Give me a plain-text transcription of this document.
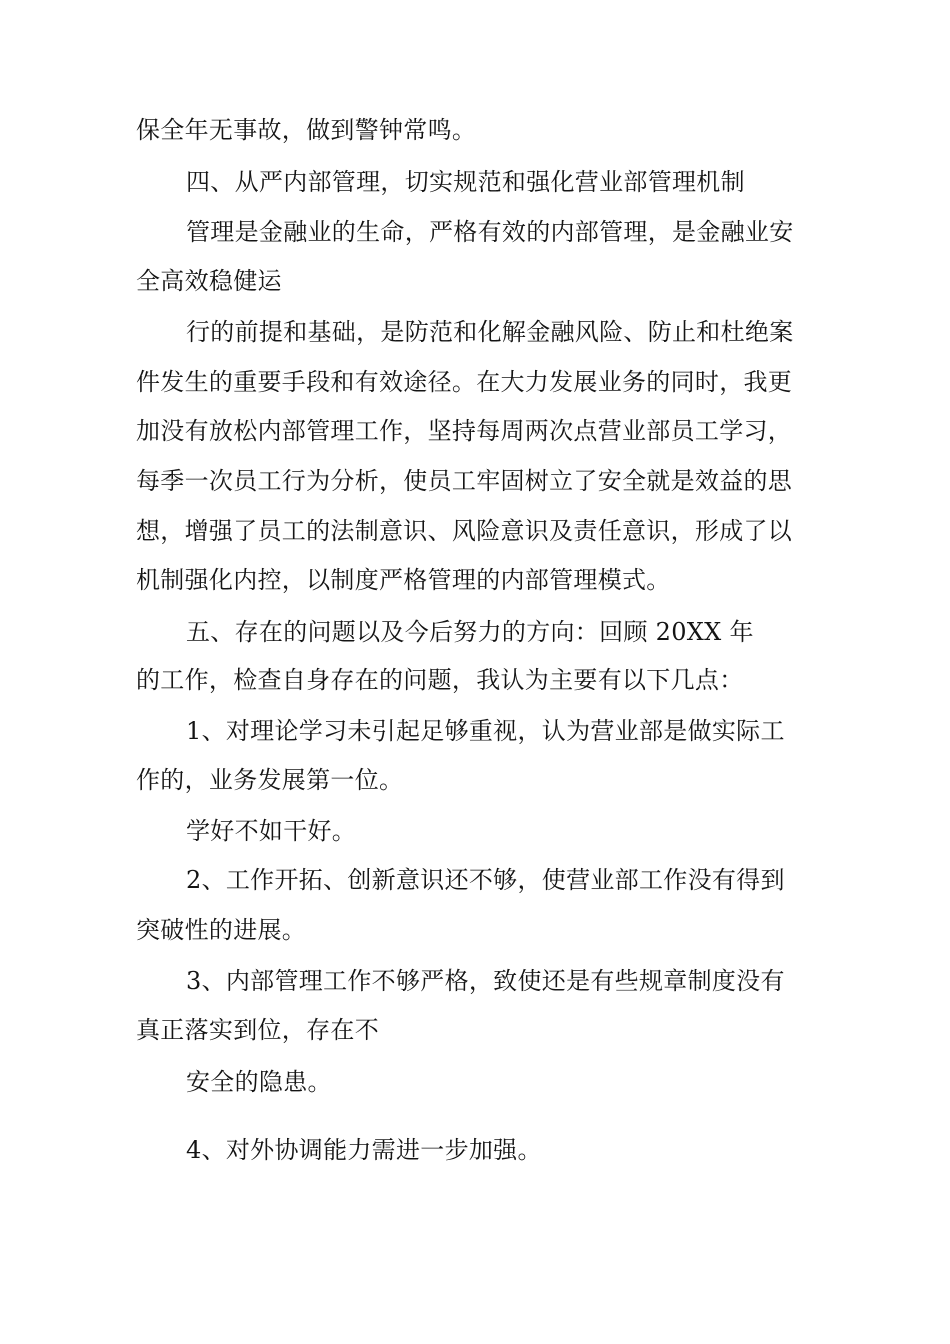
保全年无事故，做到警钟常鸣。

四、从严内部管理，切实规范和强化营业部管理机制

管理是金融业的生命，严格有效的内部管理，是金融业安

全高效稳健运

行的前提和基础，是防范和化解金融风险、防止和杜绝案

件发生的重要手段和有效途径。在大力发展业务的同时，我更

加没有放松内部管理工作，坚持每周两次点营业部员工学习，

每季一次员工行为分析，使员工牢固树立了安全就是效益的思

想，增强了员工的法制意识、风险意识及责任意识，形成了以

机制强化内控，以制度严格管理的内部管理模式。

五、存在的问题以及今后努力的方向：回顾 20XX 年

的工作，检查自身存在的问题，我认为主要有以下几点：

1、对理论学习未引起足够重视，认为营业部是做实际工

作的，业务发展第一位。

学好不如干好。

2、工作开拓、创新意识还不够，使营业部工作没有得到

突破性的进展。

3、内部管理工作不够严格，致使还是有些规章制度没有

真正落实到位，存在不

安全的隐患。

4、对外协调能力需进一步加强。
